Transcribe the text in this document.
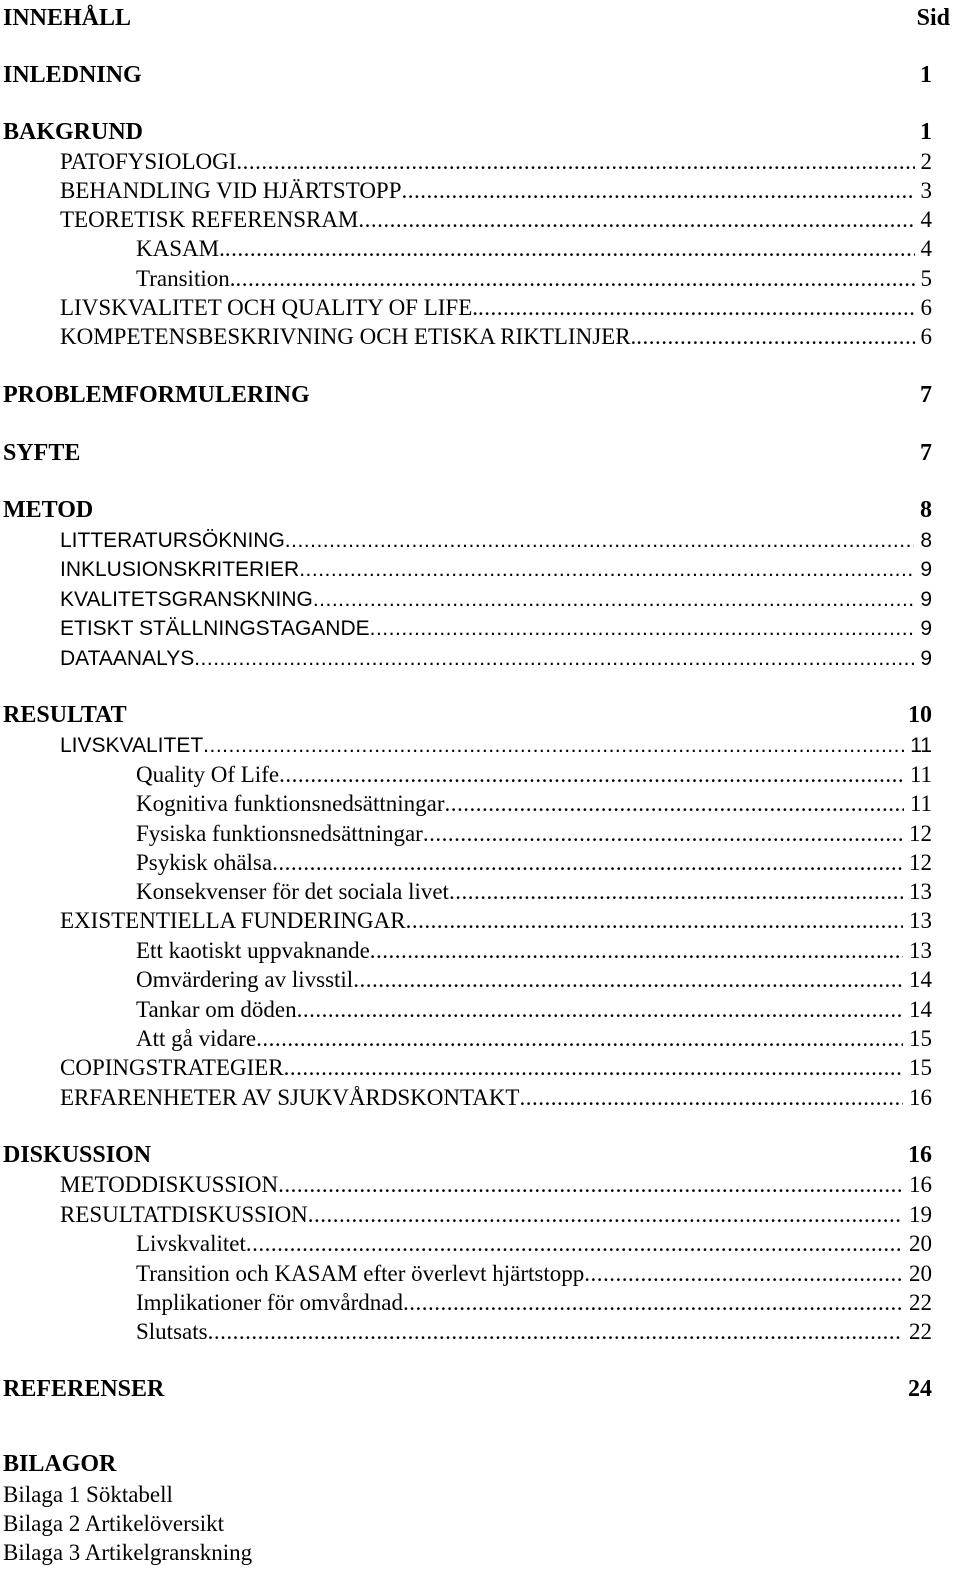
INNEHÅLL	Sid
INLEDNING	1
BAKGRUND	1
PATOFYSIOLOGI .....	2
BEHANDLING VID HJÄRTSTOPP .....	3
TEORETISK REFERENSRAM .....	4
KASAM. .....	4
Transition. .....	5
LIVSKVALITET OCH QUALITY OF LIFE. .....	6
KOMPETENSBESKRIVNING OCH ETISKA RIKTLINJER. .....	6
PROBLEMFORMULERING	7
SYFTE	7
METOD	8
LITTERATURSÖKNING .....	8
INKLUSIONSKRITERIER .....	9
KVALITETSGRANSKNING .....	9
ETISKT STÄLLNINGSTAGANDE .....	9
DATAANALYS .....	9
RESULTAT	10
LIVSKVALITET .....	11
Quality Of Life .....	11
Kognitiva funktionsnedsättningar .....	11
Fysiska funktionsnedsättningar .....	12
Psykisk ohälsa .....	12
Konsekvenser för det sociala livet .....	13
EXISTENTIELLA FUNDERINGAR .....	13
Ett kaotiskt uppvaknande .....	13
Omvärdering av livsstil .....	14
Tankar om döden .....	14
Att gå vidare .....	15
COPINGSTRATEGIER .....	15
ERFARENHETER AV SJUKVÅRDSKONTAKT .....	16
DISKUSSION	16
METODDISKUSSION .....	16
RESULTATDISKUSSION .....	19
Livskvalitet .....	20
Transition och KASAM efter överlevt hjärtstopp .....	20
Implikationer för omvårdnad .....	22
Slutsats .....	22
REFERENSER	24
BILAGOR
Bilaga 1 Söktabell
Bilaga 2 Artikelöversikt
Bilaga 3 Artikelgranskning
